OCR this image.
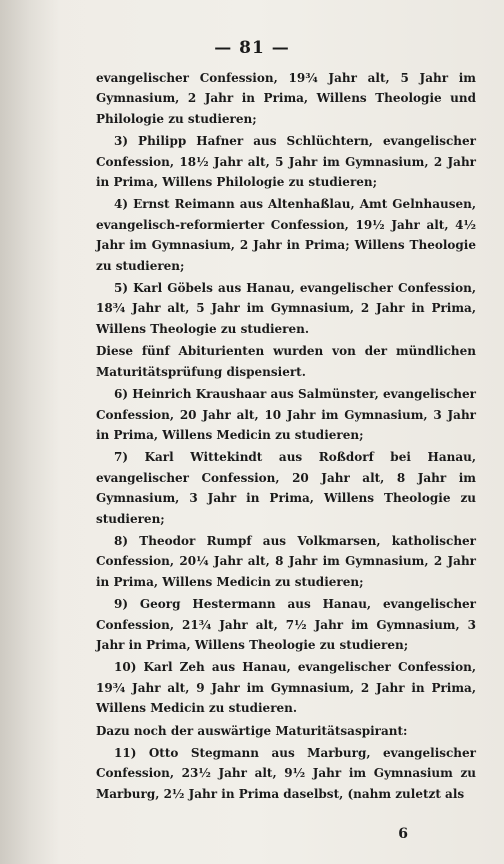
— 81 —

evangelischer Confession, 19¾ Jahr alt, 5 Jahr im Gymnasium, 2 Jahr in Prima, Willens Theologie und Philologie zu studieren;

3) Philipp Hafner aus Schlüchtern, evangelischer Confession, 18½ Jahr alt, 5 Jahr im Gymnasium, 2 Jahr in Prima, Willens Philologie zu studieren;

4) Ernst Reimann aus Altenhaßlau, Amt Gelnhausen, evangelisch-reformierter Confession, 19½ Jahr alt, 4½ Jahr im Gymnasium, 2 Jahr in Prima; Willens Theologie zu studieren;

5) Karl Göbels aus Hanau, evangelischer Confession, 18¾ Jahr alt, 5 Jahr im Gymnasium, 2 Jahr in Prima, Willens Theologie zu studieren.

Diese fünf Abiturienten wurden von der mündlichen Maturitätsprüfung dispensiert.

6) Heinrich Kraushaar aus Salmünster, evangelischer Confession, 20 Jahr alt, 10 Jahr im Gymnasium, 3 Jahr in Prima, Willens Medicin zu studieren;

7) Karl Wittekindt aus Roßdorf bei Hanau, evangelischer Confession, 20 Jahr alt, 8 Jahr im Gymnasium, 3 Jahr in Prima, Willens Theologie zu studieren;

8) Theodor Rumpf aus Volkmarsen, katholischer Confession, 20¼ Jahr alt, 8 Jahr im Gymnasium, 2 Jahr in Prima, Willens Medicin zu studieren;

9) Georg Hestermann aus Hanau, evangelischer Confession, 21¾ Jahr alt, 7½ Jahr im Gymnasium, 3 Jahr in Prima, Willens Theologie zu studieren;

10) Karl Zeh aus Hanau, evangelischer Confession, 19¾ Jahr alt, 9 Jahr im Gymnasium, 2 Jahr in Prima, Willens Medicin zu studieren.

Dazu noch der auswärtige Maturitätsaspirant:

11) Otto Stegmann aus Marburg, evangelischer Confession, 23½ Jahr alt, 9½ Jahr im Gymnasium zu Marburg, 2½ Jahr in Prima daselbst, (nahm zuletzt als

6
